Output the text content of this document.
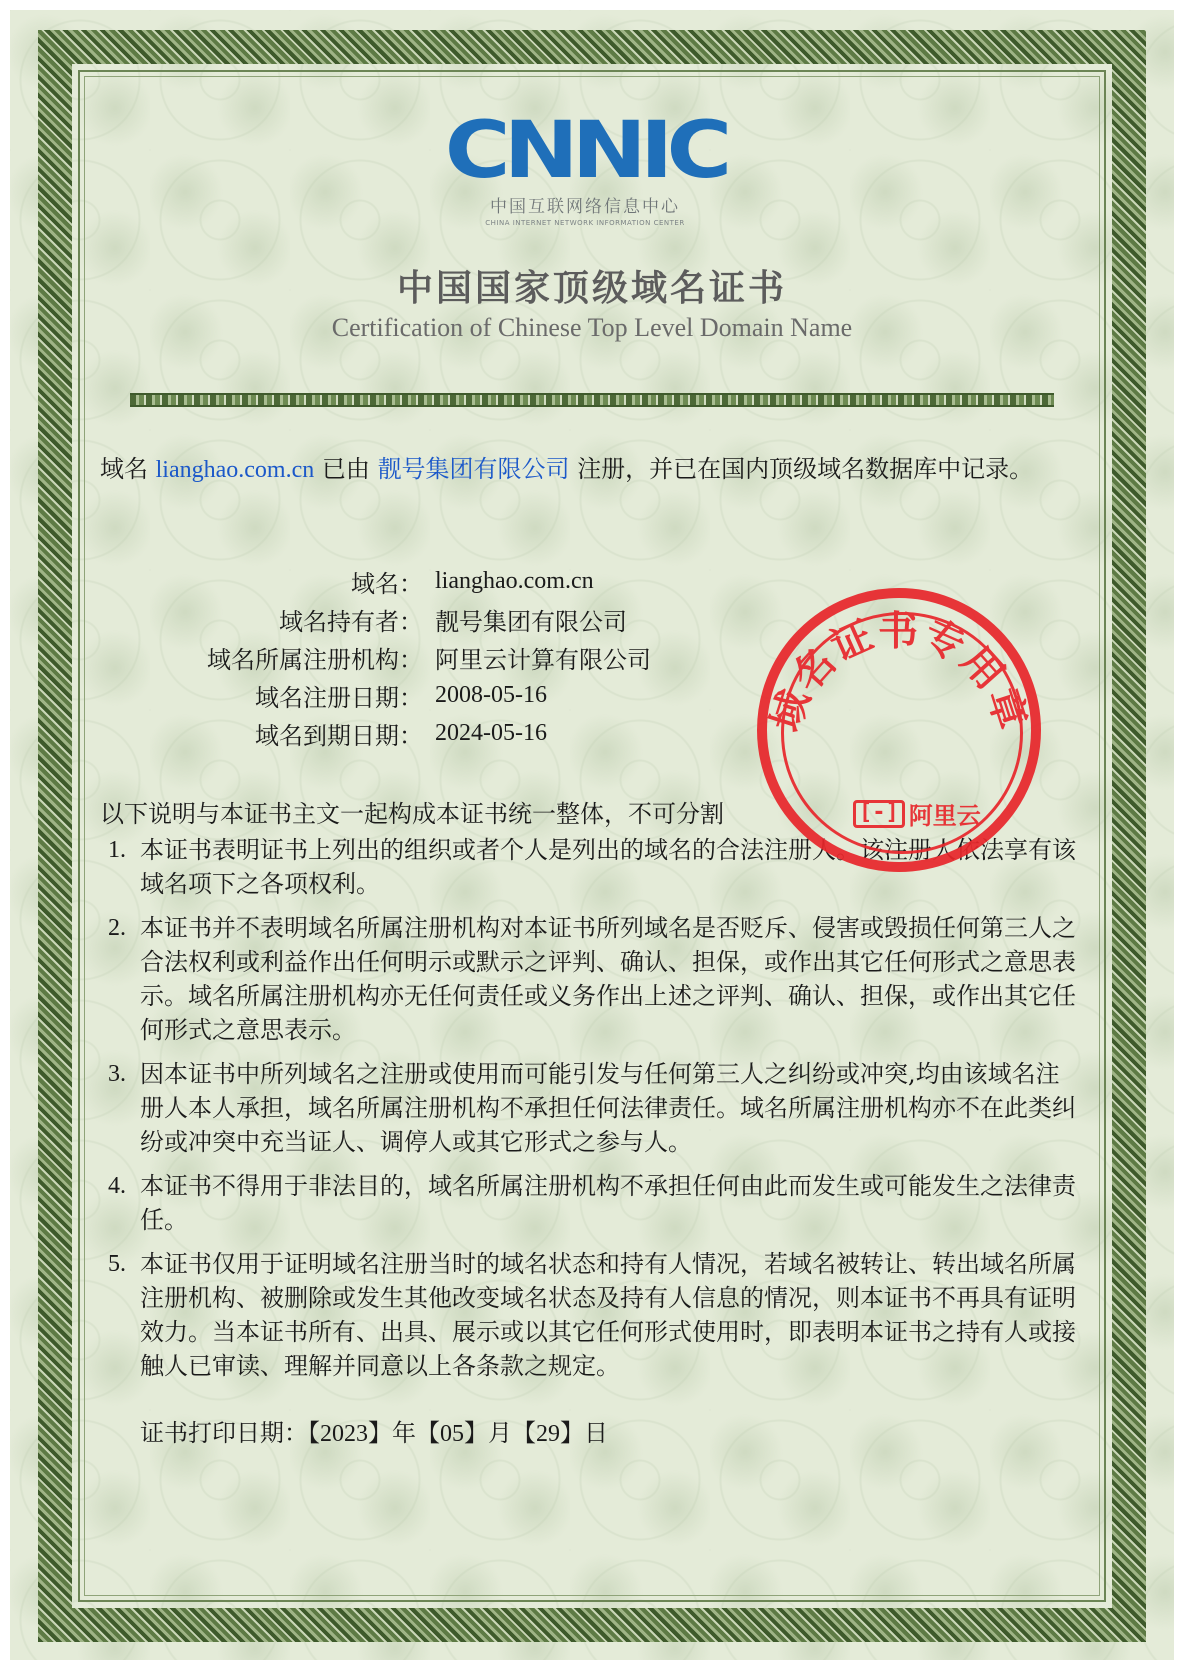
CNNIC
中国互联网络信息中心
CHINA INTERNET NETWORK INFORMATION CENTER
中国国家顶级域名证书
Certification of Chinese Top Level Domain Name
域名 lianghao.com.cn 已由 靓号集团有限公司 注册，并已在国内顶级域名数据库中记录。
域名： lianghao.com.cn
域名持有者： 靓号集团有限公司
域名所属注册机构： 阿里云计算有限公司
域名注册日期： 2008-05-16
域名到期日期： 2024-05-16
以下说明与本证书主文一起构成本证书统一整体，不可分割
1. 本证书表明证书上列出的组织或者个人是列出的域名的合法注册人。该注册人依法享有该域名项下之各项权利。
2. 本证书并不表明域名所属注册机构对本证书所列域名是否贬斥、侵害或毁损任何第三人之合法权利或利益作出任何明示或默示之评判、确认、担保，或作出其它任何形式之意思表示。域名所属注册机构亦无任何责任或义务作出上述之评判、确认、担保，或作出其它任何形式之意思表示。
3. 因本证书中所列域名之注册或使用而可能引发与任何第三人之纠纷或冲突,均由该域名注册人本人承担，域名所属注册机构不承担任何法律责任。域名所属注册机构亦不在此类纠纷或冲突中充当证人、调停人或其它形式之参与人。
4. 本证书不得用于非法目的，域名所属注册机构不承担任何由此而发生或可能发生之法律责任。
5. 本证书仅用于证明域名注册当时的域名状态和持有人情况，若域名被转让、转出域名所属注册机构、被删除或发生其他改变域名状态及持有人信息的情况，则本证书不再具有证明效力。当本证书所有、出具、展示或以其它任何形式使用时，即表明本证书之持有人或接触人已审读、理解并同意以上各条款之规定。
证书打印日期：【2023】年【05】月【29】日
域名证书专用章
[-] 阿里云
